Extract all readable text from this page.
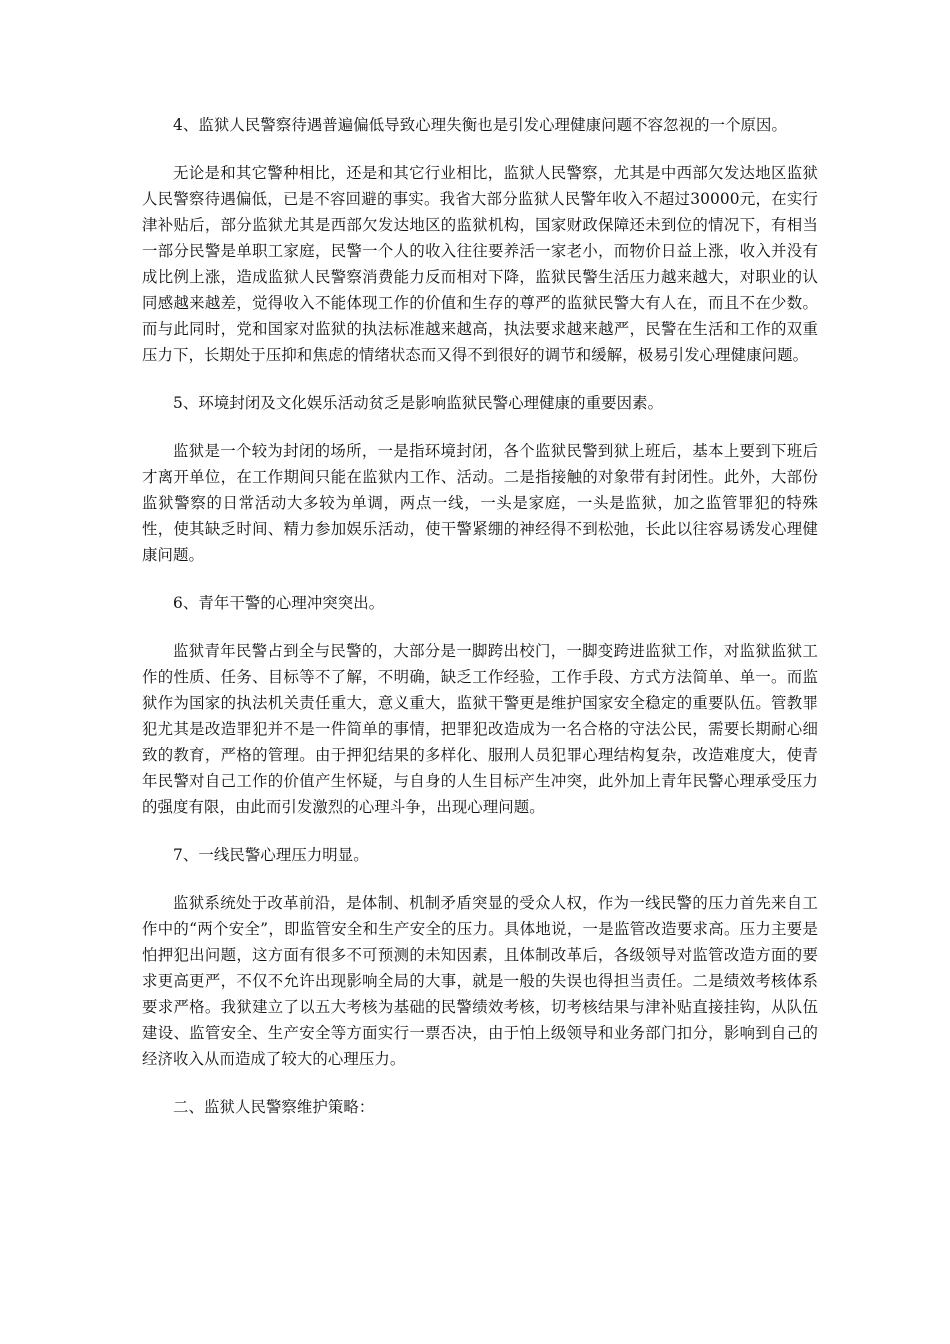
4、监狱人民警察待遇普遍偏低导致心理失衡也是引发心理健康问题不容忽视的一个原因。

无论是和其它警种相比，还是和其它行业相比，监狱人民警察，尤其是中西部欠发达地区监狱人民警察待遇偏低，已是不容回避的事实。我省大部分监狱人民警年收入不超过30000元，在实行津补贴后，部分监狱尤其是西部欠发达地区的监狱机构，国家财政保障还未到位的情况下，有相当一部分民警是单职工家庭，民警一个人的收入往往要养活一家老小，而物价日益上涨，收入并没有成比例上涨，造成监狱人民警察消费能力反而相对下降，监狱民警生活压力越来越大，对职业的认同感越来越差，觉得收入不能体现工作的价值和生存的尊严的监狱民警大有人在，而且不在少数。而与此同时，党和国家对监狱的执法标准越来越高，执法要求越来越严，民警在生活和工作的双重压力下，长期处于压抑和焦虑的情绪状态而又得不到很好的调节和缓解，极易引发心理健康问题。

5、环境封闭及文化娱乐活动贫乏是影响监狱民警心理健康的重要因素。

监狱是一个较为封闭的场所，一是指环境封闭，各个监狱民警到狱上班后，基本上要到下班后才离开单位，在工作期间只能在监狱内工作、活动。二是指接触的对象带有封闭性。此外，大部份监狱警察的日常活动大多较为单调，两点一线，一头是家庭，一头是监狱，加之监管罪犯的特殊性，使其缺乏时间、精力参加娱乐活动，使干警紧绷的神经得不到松弛，长此以往容易诱发心理健康问题。

6、青年干警的心理冲突突出。

监狱青年民警占到全与民警的，大部分是一脚跨出校门，一脚变跨进监狱工作，对监狱监狱工作的性质、任务、目标等不了解，不明确，缺乏工作经验，工作手段、方式方法简单、单一。而监狱作为国家的执法机关责任重大，意义重大，监狱干警更是维护国家安全稳定的重要队伍。管教罪犯尤其是改造罪犯并不是一件简单的事情，把罪犯改造成为一名合格的守法公民，需要长期耐心细致的教育，严格的管理。由于押犯结果的多样化、服刑人员犯罪心理结构复杂，改造难度大，使青年民警对自己工作的价值产生怀疑，与自身的人生目标产生冲突，此外加上青年民警心理承受压力的强度有限，由此而引发激烈的心理斗争，出现心理问题。

7、一线民警心理压力明显。

监狱系统处于改革前沿，是体制、机制矛盾突显的受众人权，作为一线民警的压力首先来自工作中的“两个安全”，即监管安全和生产安全的压力。具体地说，一是监管改造要求高。压力主要是怕押犯出问题，这方面有很多不可预测的未知因素，且体制改革后，各级领导对监管改造方面的要求更高更严，不仅不允许出现影响全局的大事，就是一般的失误也得担当责任。二是绩效考核体系要求严格。我狱建立了以五大考核为基础的民警绩效考核，切考核结果与津补贴直接挂钩，从队伍建设、监管安全、生产安全等方面实行一票否决，由于怕上级领导和业务部门扣分，影响到自己的经济收入从而造成了较大的心理压力。

二、监狱人民警察维护策略：
